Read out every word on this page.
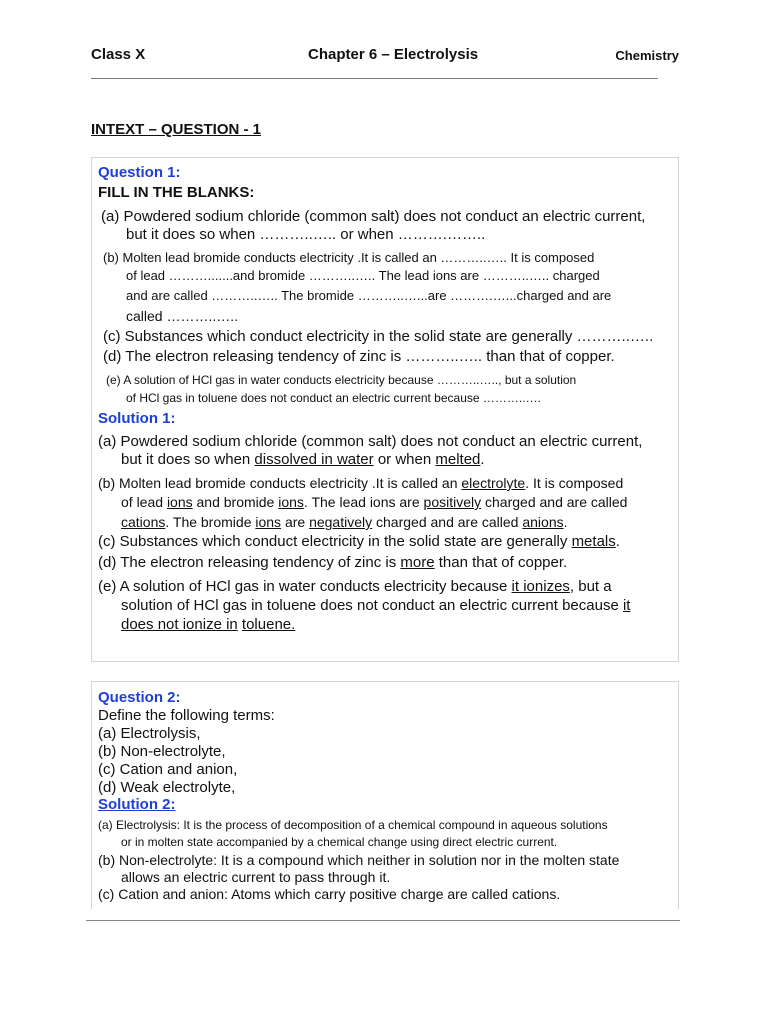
Class X	Chapter 6 – Electrolysis	Chemistry
INTEXT – QUESTION - 1
Question 1:
FILL IN THE BLANKS:
(a) Powdered sodium chloride (common salt) does not conduct an electric current,
but it does so when ………..….. or when ……….……..
(b) Molten lead bromide conducts electricity .It is called an ………..….. It is composed
of lead ……….......and bromide ………..….. The lead ions are ………..….. charged
and are called ………..….. The bromide ………..…...are ……….…...charged and are
called ………..…..
(c) Substances which conduct electricity in the solid state are generally ………..…..
(d) The electron releasing tendency of zinc is ………..….. than that of copper.
(e) A solution of HCl gas in water conducts electricity because ………..….., but a solution
of HCl gas in toluene does not conduct an electric current because ………..….
Solution 1:
(a) Powdered sodium chloride (common salt) does not conduct an electric current,
but it does so when dissolved in water or when melted.
(b) Molten lead bromide conducts electricity .It is called an electrolyte. It is composed
of lead ions and bromide ions. The lead ions are positively charged and are called
cations. The bromide ions are negatively charged and are called anions.
(c) Substances which conduct electricity in the solid state are generally metals.
(d) The electron releasing tendency of zinc is more than that of copper.
(e) A solution of HCl gas in water conducts electricity because it ionizes, but a
solution of HCl gas in toluene does not conduct an electric current because it
does not ionize in toluene.
Question 2:
Define the following terms:
(a) Electrolysis,
(b) Non-electrolyte,
(c) Cation and anion,
(d) Weak electrolyte,
Solution 2:
(a) Electrolysis: It is the process of decomposition of a chemical compound in aqueous solutions
or in molten state accompanied by a chemical change using direct electric current.
(b) Non-electrolyte: It is a compound which neither in solution nor in the molten state
allows an electric current to pass through it.
(c) Cation and anion: Atoms which carry positive charge are called cations.
